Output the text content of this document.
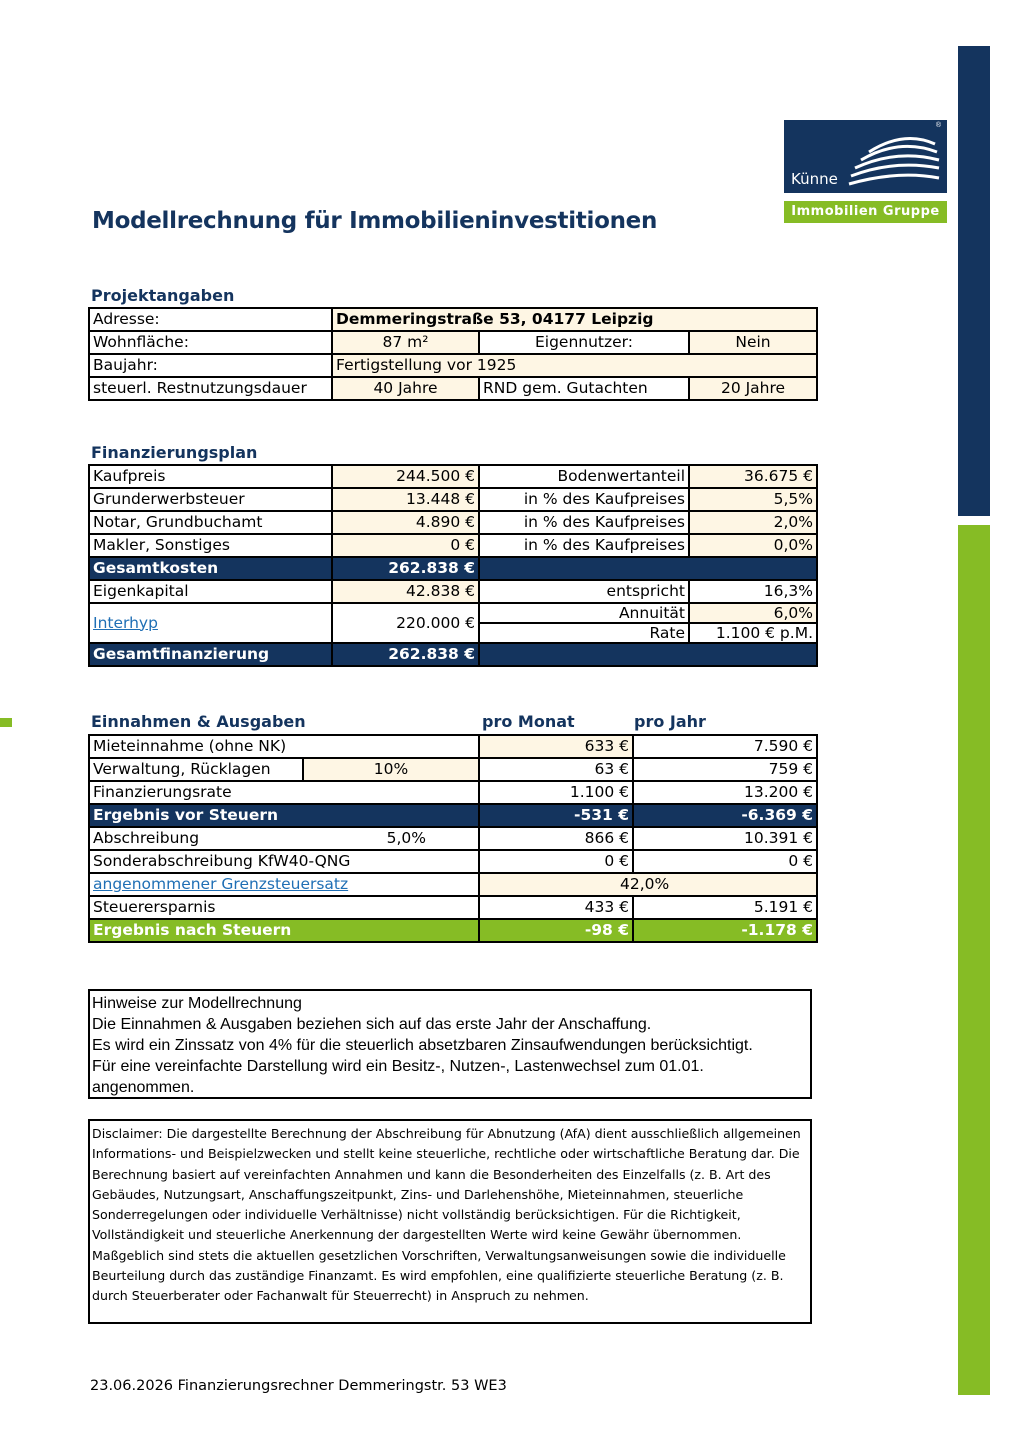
®
Künne
Immobilien Gruppe
Modellrechnung für Immobilieninvestitionen
Projektangaben
Adresse:	Demmeringstraße 53, 04177 Leipzig		
Wohnfläche:	87 m²	Eigennutzer:	Nein
Baujahr:	Fertigstellung vor 1925		
steuerl. Restnutzungsdauer	40 Jahre	RND gem. Gutachten	20 Jahre
Finanzierungsplan
Kaufpreis	244.500 €	Bodenwertanteil	36.675 €
Grunderwerbsteuer	13.448 €	in % des Kaufpreises	5,5%
Notar, Grundbuchamt	4.890 €	in % des Kaufpreises	2,0%
Makler, Sonstiges	0 €	in % des Kaufpreises	0,0%
Gesamtkosten	262.838 €		
Eigenkapital	42.838 €	entspricht	16,3%
Interhyp	220.000 €	Annuität	6,0%
		Rate	1.100 € p.M.
Gesamtfinanzierung	262.838 €		
Einnahmen & Ausgaben	pro Monat	pro Jahr
Mieteinnahme (ohne NK)		633 €	7.590 €
Verwaltung, Rücklagen	10%	63 €	759 €
Finanzierungsrate		1.100 €	13.200 €
Ergebnis vor Steuern		-531 €	-6.369 €
Abschreibung 5,0%		866 €	10.391 €
Sonderabschreibung KfW40-QNG		0 €	0 €
angenommener Grenzsteuersatz		42,0%	
Steuerersparnis		433 €	5.191 €
Ergebnis nach Steuern		-98 €	-1.178 €
Hinweise zur Modellrechnung
Die Einnahmen & Ausgaben beziehen sich auf das erste Jahr der Anschaffung.
Es wird ein Zinssatz von 4% für die steuerlich absetzbaren Zinsaufwendungen berücksichtigt.
Für eine vereinfachte Darstellung wird ein Besitz-, Nutzen-, Lastenwechsel zum 01.01. angenommen.
Disclaimer: Die dargestellte Berechnung der Abschreibung für Abnutzung (AfA) dient ausschließlich allgemeinen Informations- und Beispielzwecken und stellt keine steuerliche, rechtliche oder wirtschaftliche Beratung dar. Die Berechnung basiert auf vereinfachten Annahmen und kann die Besonderheiten des Einzelfalls (z. B. Art des Gebäudes, Nutzungsart, Anschaffungszeitpunkt, Zins- und Darlehenshöhe, Mieteinnahmen, steuerliche Sonderregelungen oder individuelle Verhältnisse) nicht vollständig berücksichtigen. Für die Richtigkeit, Vollständigkeit und steuerliche Anerkennung der dargestellten Werte wird keine Gewähr übernommen. Maßgeblich sind stets die aktuellen gesetzlichen Vorschriften, Verwaltungsanweisungen sowie die individuelle Beurteilung durch das zuständige Finanzamt. Es wird empfohlen, eine qualifizierte steuerliche Beratung (z. B. durch Steuerberater oder Fachanwalt für Steuerrecht) in Anspruch zu nehmen.
23.06.2026 Finanzierungsrechner Demmeringstr. 53 WE3
